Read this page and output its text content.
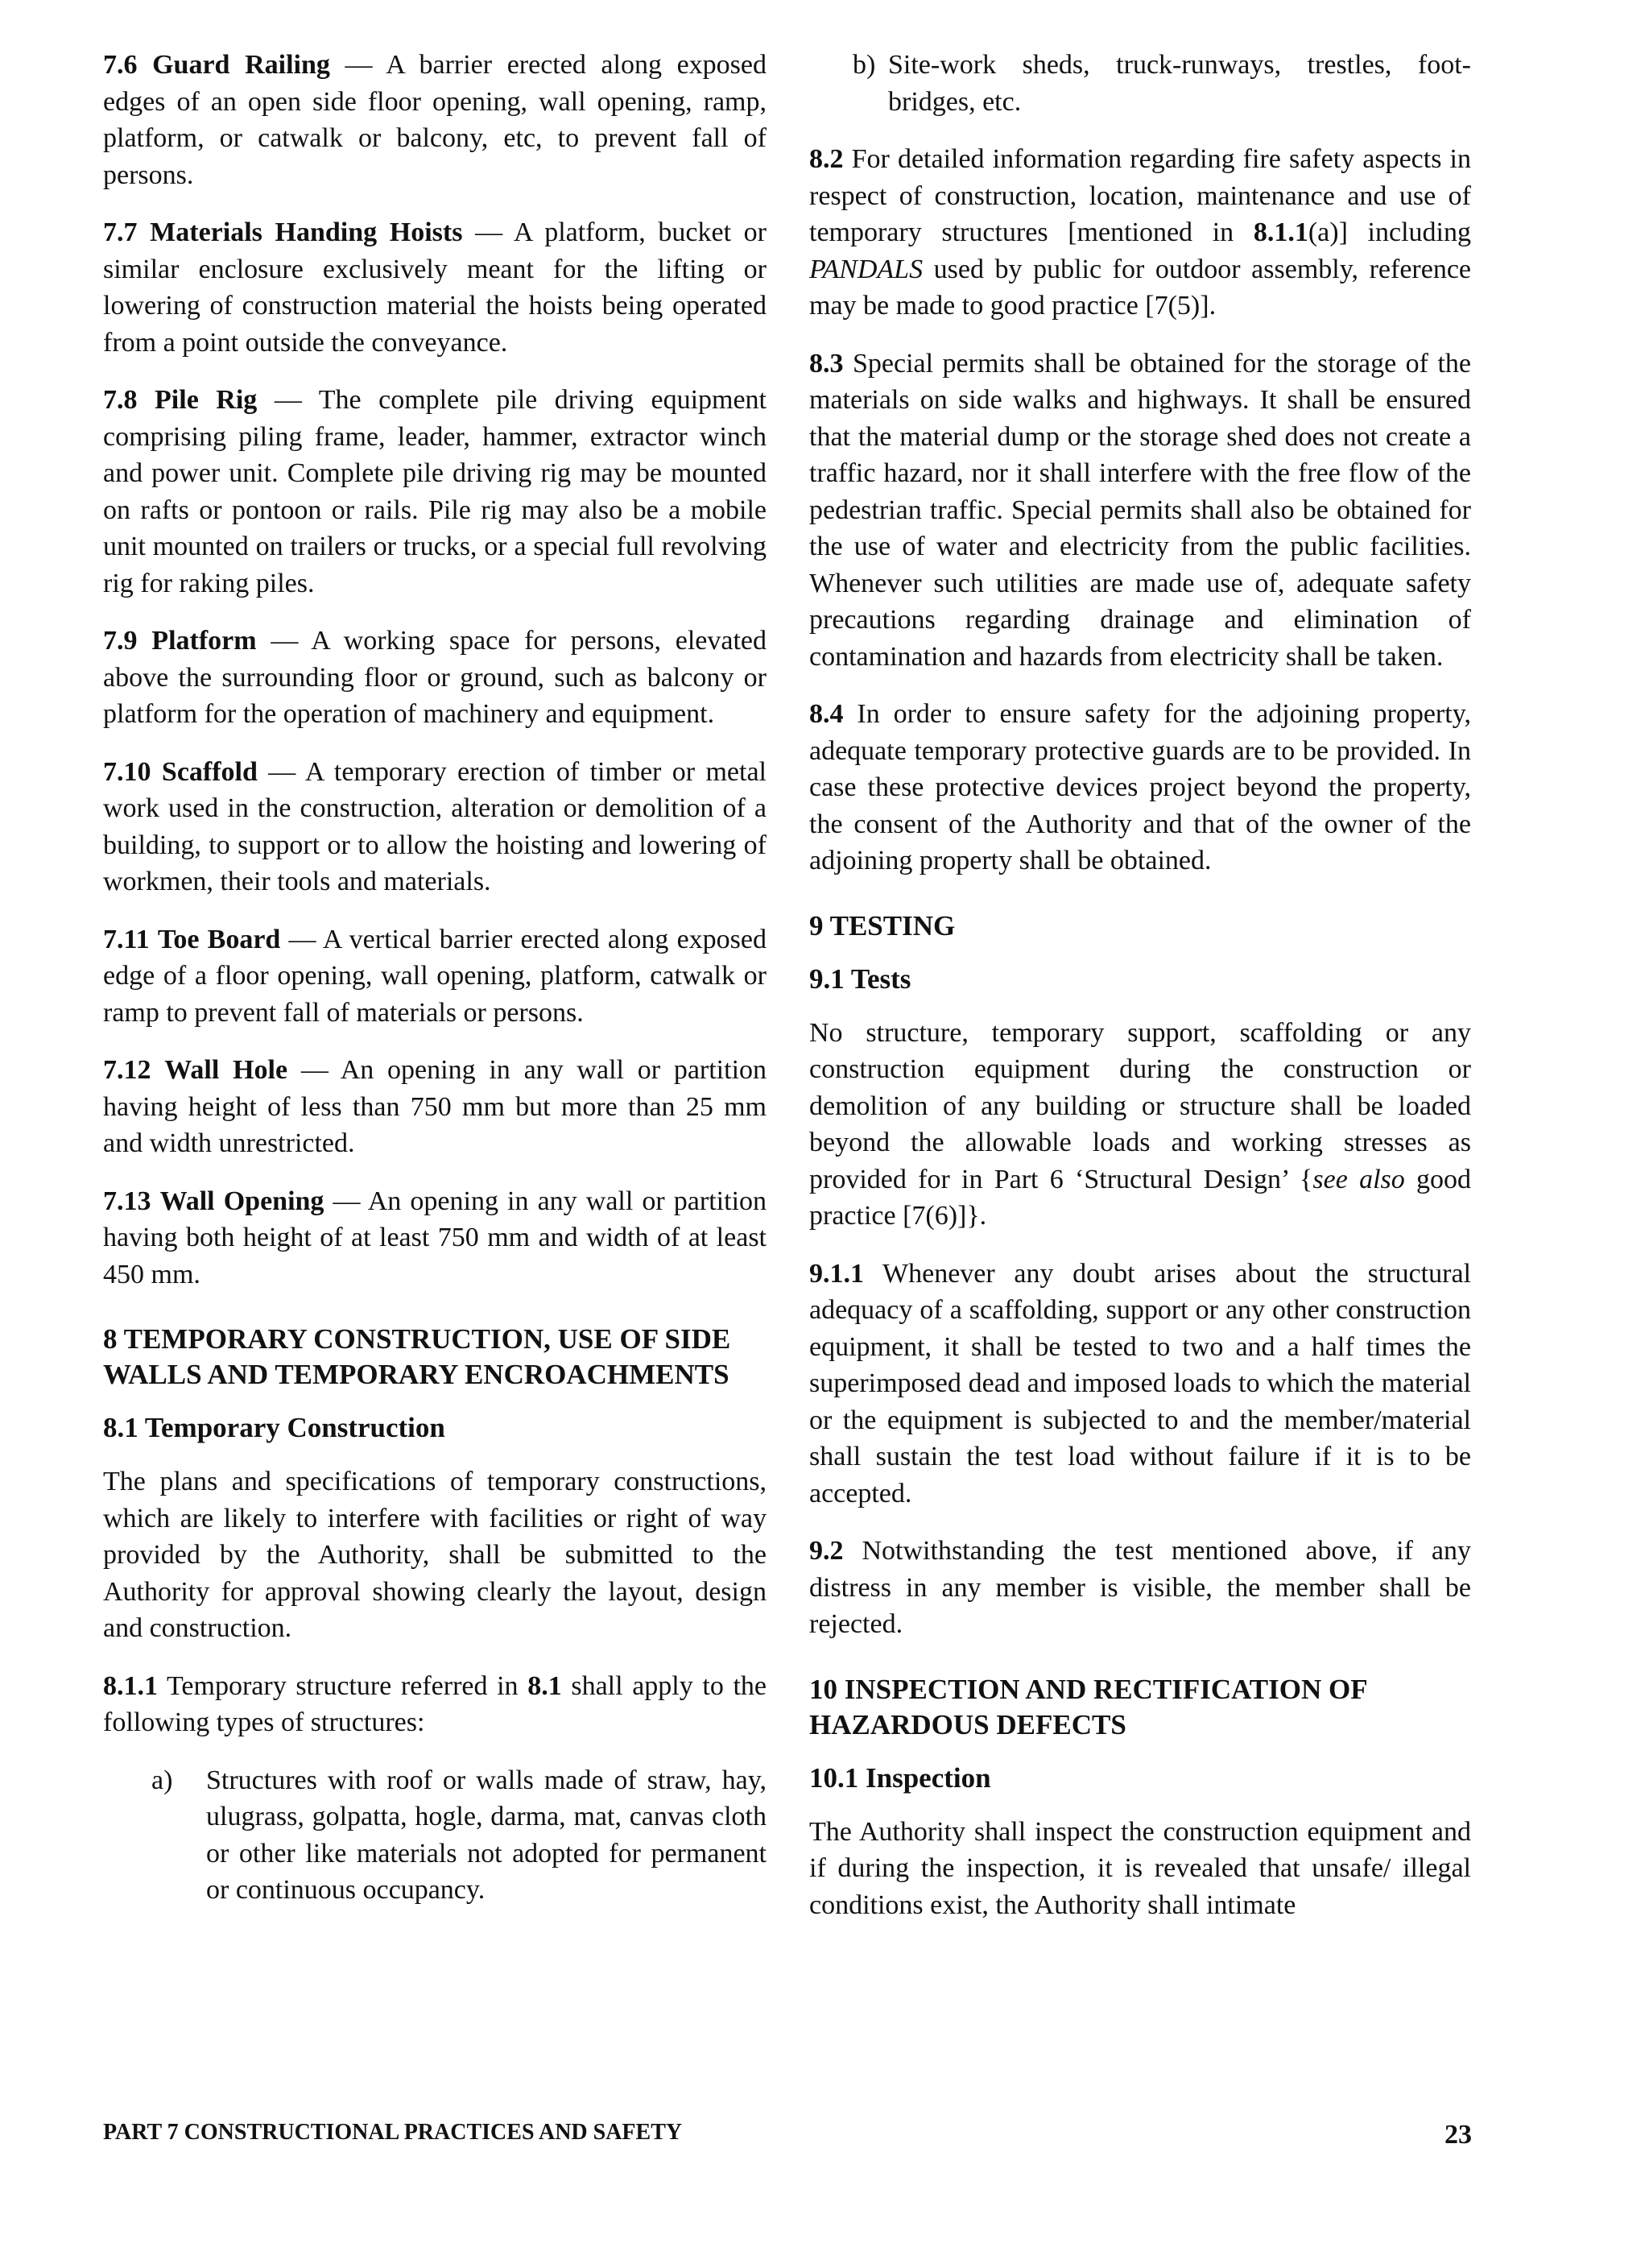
7.6 Guard Railing — A barrier erected along exposed edges of an open side floor opening, wall opening, ramp, platform, or catwalk or balcony, etc, to prevent fall of persons.

7.7 Materials Handing Hoists — A platform, bucket or similar enclosure exclusively meant for the lifting or lowering of construction material the hoists being operated from a point outside the conveyance.

7.8 Pile Rig — The complete pile driving equipment comprising piling frame, leader, hammer, extractor winch and power unit. Complete pile driving rig may be mounted on rafts or pontoon or rails. Pile rig may also be a mobile unit mounted on trailers or trucks, or a special full revolving rig for raking piles.

7.9 Platform — A working space for persons, elevated above the surrounding floor or ground, such as balcony or platform for the operation of machinery and equipment.

7.10 Scaffold — A temporary erection of timber or metal work used in the construction, alteration or demolition of a building, to support or to allow the hoisting and lowering of workmen, their tools and materials.

7.11 Toe Board — A vertical barrier erected along exposed edge of a floor opening, wall opening, platform, catwalk or ramp to prevent fall of materials or persons.

7.12 Wall Hole — An opening in any wall or partition having height of less than 750 mm but more than 25 mm and width unrestricted.

7.13 Wall Opening — An opening in any wall or partition having both height of at least 750 mm and width of at least 450 mm.

8 TEMPORARY CONSTRUCTION, USE OF SIDE WALLS AND TEMPORARY ENCROACHMENTS
8.1 Temporary Construction

The plans and specifications of temporary constructions, which are likely to interfere with facilities or right of way provided by the Authority, shall be submitted to the Authority for approval showing clearly the layout, design and construction.

8.1.1 Temporary structure referred in 8.1 shall apply to the following types of structures:

a)	Structures with roof or walls made of straw, hay, ulugrass, golpatta, hogle, darma, mat, canvas cloth or other like materials not adopted for permanent or continuous occupancy.
b) Site-work sheds, truck-runways, trestles, foot-bridges, etc.

8.2 For detailed information regarding fire safety aspects in respect of construction, location, maintenance and use of temporary structures [mentioned in 8.1.1(a)] including PANDALS used by public for outdoor assembly, reference may be made to good practice [7(5)].

8.3 Special permits shall be obtained for the storage of the materials on side walks and highways. It shall be ensured that the material dump or the storage shed does not create a traffic hazard, nor it shall interfere with the free flow of the pedestrian traffic. Special permits shall also be obtained for the use of water and electricity from the public facilities. Whenever such utilities are made use of, adequate safety precautions regarding drainage and elimination of contamination and hazards from electricity shall be taken.

8.4 In order to ensure safety for the adjoining property, adequate temporary protective guards are to be provided. In case these protective devices project beyond the property, the consent of the Authority and that of the owner of the adjoining property shall be obtained.

9 TESTING
9.1 Tests

No structure, temporary support, scaffolding or any construction equipment during the construction or demolition of any building or structure shall be loaded beyond the allowable loads and working stresses as provided for in Part 6 ‘Structural Design’ {see also good practice [7(6)]}.

9.1.1 Whenever any doubt arises about the structural adequacy of a scaffolding, support or any other construction equipment, it shall be tested to two and a half times the superimposed dead and imposed loads to which the material or the equipment is subjected to and the member/material shall sustain the test load without failure if it is to be accepted.

9.2 Notwithstanding the test mentioned above, if any distress in any member is visible, the member shall be rejected.

10 INSPECTION AND RECTIFICATION OF HAZARDOUS DEFECTS
10.1 Inspection

The Authority shall inspect the construction equipment and if during the inspection, it is revealed that unsafe/ illegal conditions exist, the Authority shall intimate

PART 7 CONSTRUCTIONAL PRACTICES AND SAFETY	23
